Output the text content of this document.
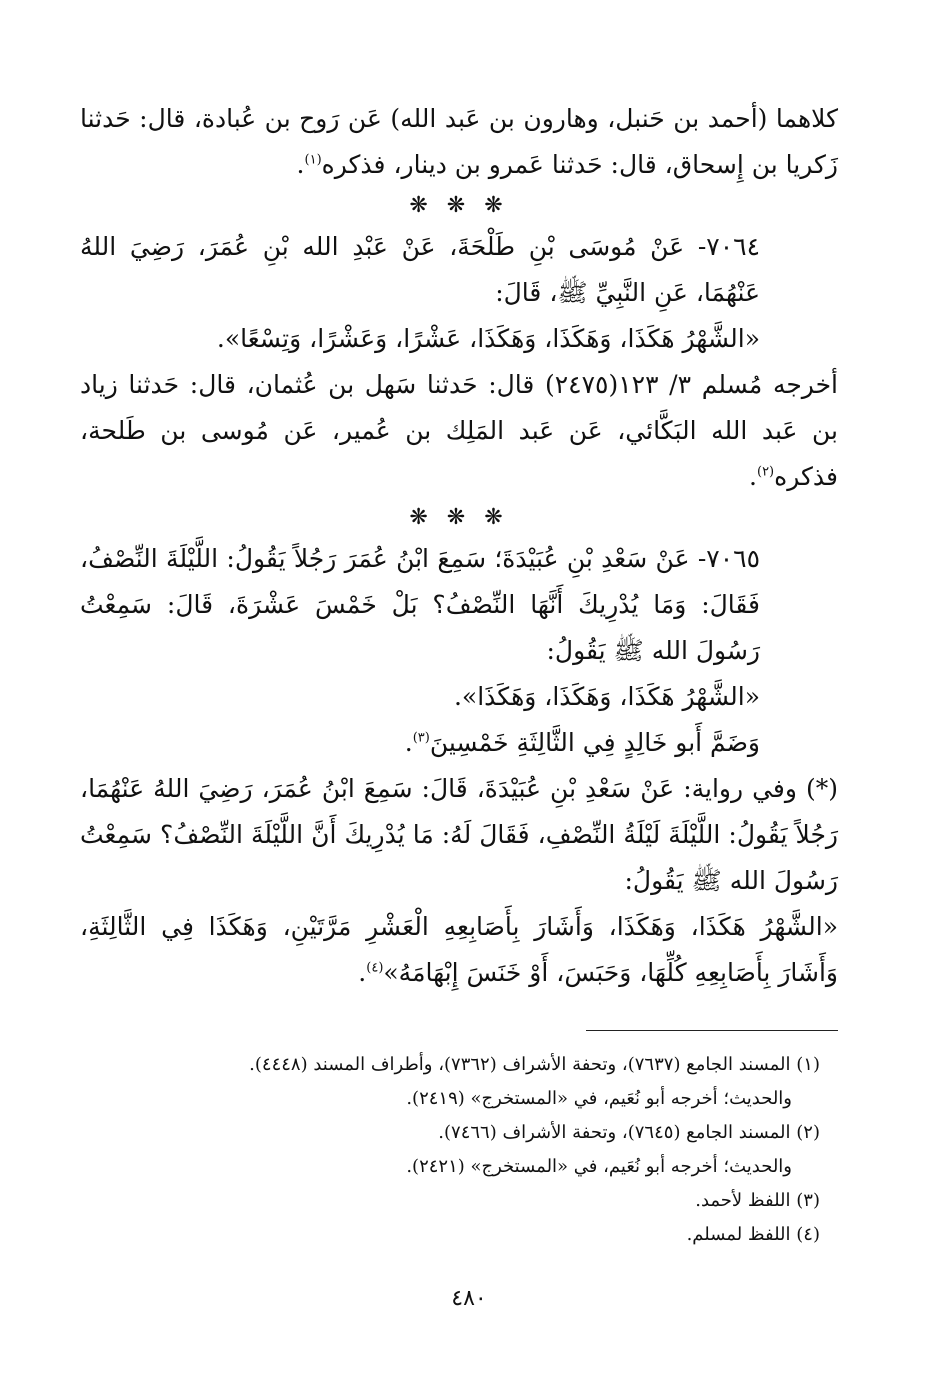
كلاهما (أحمد بن حَنبل، وهارون بن عَبد الله) عَن رَوح بن عُبادة، قال: حَدثنا زَكريا بن إِسحاق، قال: حَدثنا عَمرو بن دينار، فذكره$^{(١)}$.

❋ ❋ ❋

٧٠٦٤- عَنْ مُوسَى بْنِ طَلْحَةَ، عَنْ عَبْدِ الله بْنِ عُمَرَ، رَضِيَ اللهُ عَنْهُمَا، عَنِ النَّبِيِّ ﷺ، قَالَ:

«الشَّهْرُ هَكَذَا، وَهَكَذَا، وَهَكَذَا، عَشْرًا، وَعَشْرًا، وَتِسْعًا».

أخرجه مُسلم ٣/ ١٢٣(٢٤٧٥) قال: حَدثنا سَهل بن عُثمان، قال: حَدثنا زياد بن عَبد الله البَكَّائي، عَن عَبد المَلِك بن عُمير، عَن مُوسى بن طَلحة، فذكره$^{(٢)}$.

❋ ❋ ❋

٧٠٦٥- عَنْ سَعْدِ بْنِ عُبَيْدَةَ؛ سَمِعَ ابْنُ عُمَرَ رَجُلاً يَقُولُ: اللَّيْلَةَ النِّصْفُ، فَقَالَ: وَمَا يُدْرِيكَ أَنَّهَا النِّصْفُ؟ بَلْ خَمْسَ عَشْرَةَ، قَالَ: سَمِعْتُ رَسُولَ الله ﷺ يَقُولُ:

«الشَّهْرُ هَكَذَا، وَهَكَذَا، وَهَكَذَا».

وَضَمَّ أَبو خَالِدٍ فِي الثَّالِثَةِ خَمْسِينَ$^{(٣)}$.

(*) وفي رواية: عَنْ سَعْدِ بْنِ عُبَيْدَةَ، قَالَ: سَمِعَ ابْنُ عُمَرَ، رَضِيَ اللهُ عَنْهُمَا، رَجُلاً يَقُولُ: اللَّيْلَةَ لَيْلَةُ النِّصْفِ، فَقَالَ لَهُ: مَا يُدْرِيكَ أَنَّ اللَّيْلَةَ النِّصْفُ؟ سَمِعْتُ رَسُولَ الله ﷺ يَقُولُ:

«الشَّهْرُ هَكَذَا، وَهَكَذَا، وَأَشَارَ بِأَصَابِعِهِ الْعَشْرِ مَرَّتَيْنِ، وَهَكَذَا فِي الثَّالِثَةِ، وَأَشَارَ بِأَصَابِعِهِ كُلِّهَا، وَحَبَسَ، أَوْ خَنَسَ إِبْهَامَهُ»$^{(٤)}$.

(١) المسند الجامع (٧٦٣٧)، وتحفة الأشراف (٧٣٦٢)، وأطراف المسند (٤٤٤٨).

والحديث؛ أخرجه أبو نُعَيم، في «المستخرج» (٢٤١٩).

(٢) المسند الجامع (٧٦٤٥)، وتحفة الأشراف (٧٤٦٦).

والحديث؛ أخرجه أبو نُعَيم، في «المستخرج» (٢٤٢١).

(٣) اللفظ لأحمد.

(٤) اللفظ لمسلم.

٤٨٠
